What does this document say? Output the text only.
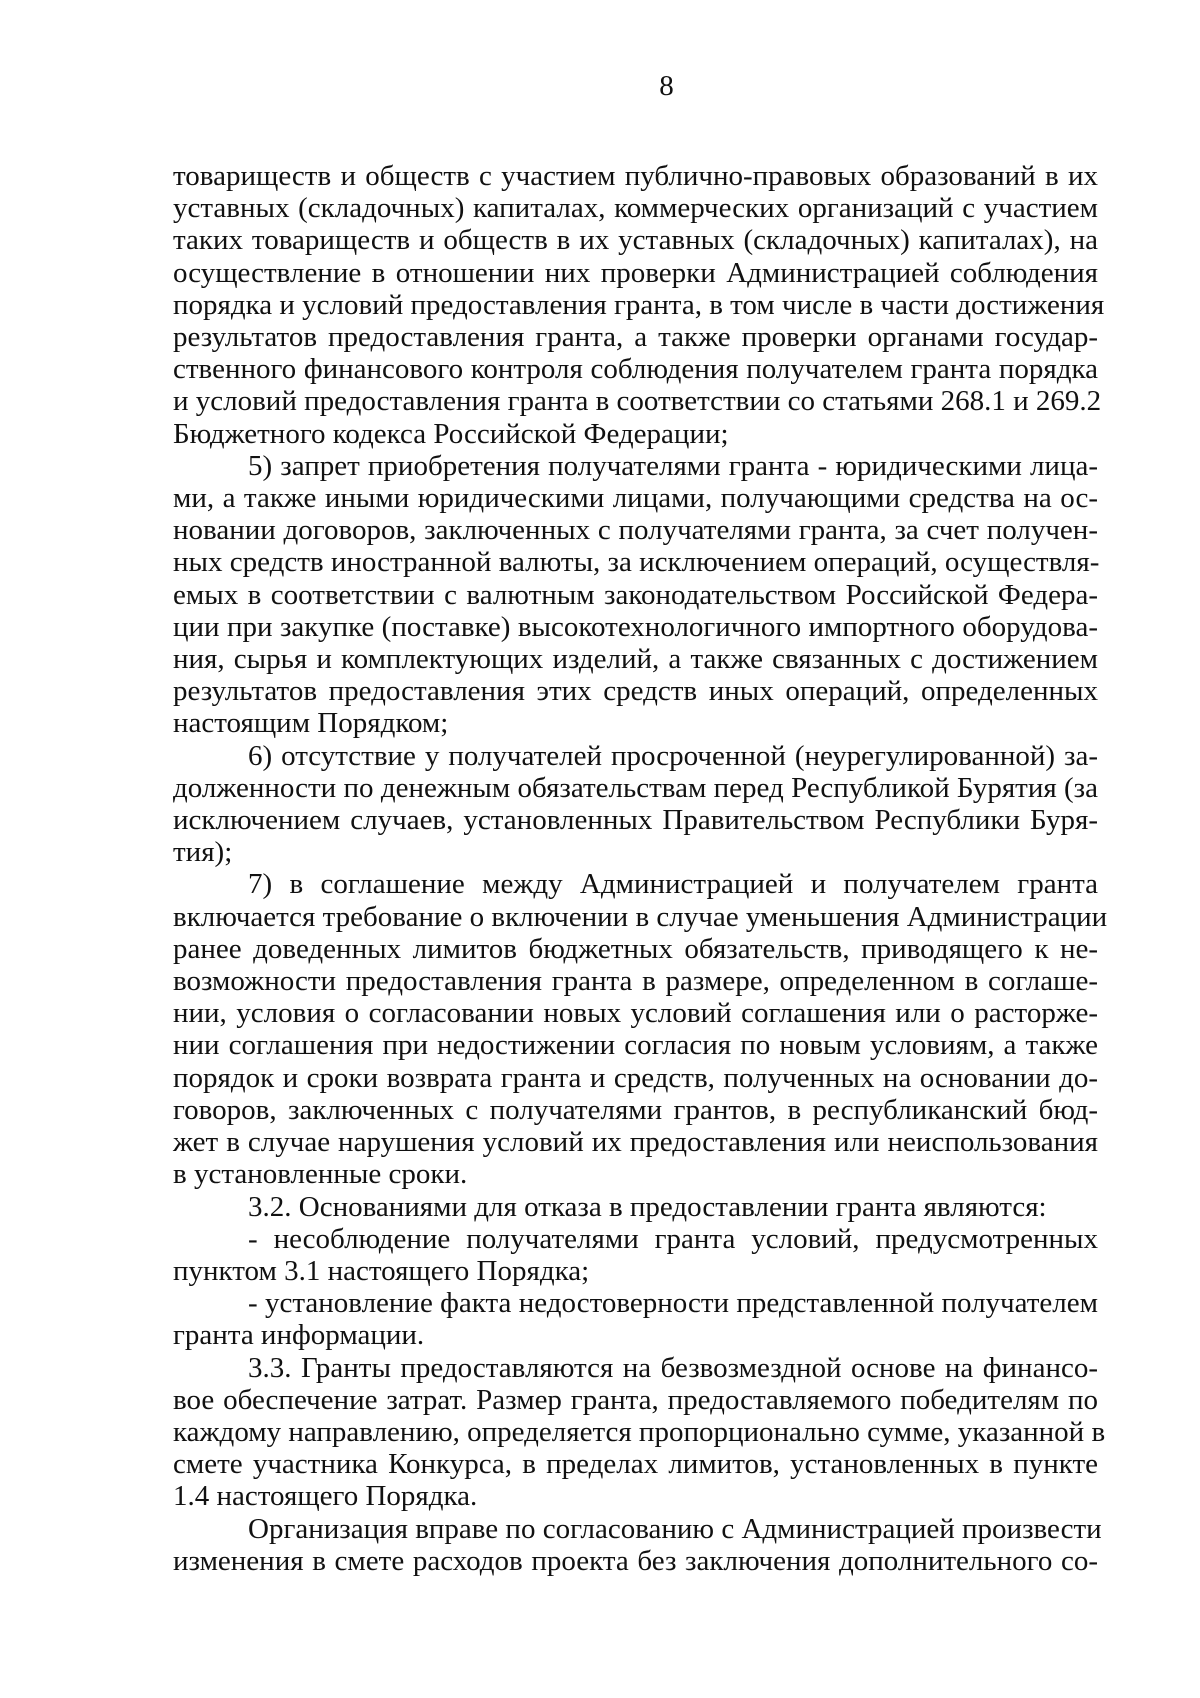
8
товариществ и обществ с участием публично-правовых образований в их
уставных (складочных) капиталах, коммерческих организаций с участием
таких товариществ и обществ в их уставных (складочных) капиталах), на
осуществление в отношении них проверки Администрацией соблюдения
порядка и условий предоставления гранта, в том числе в части достижения
результатов предоставления гранта, а также проверки органами государ-
ственного финансового контроля соблюдения получателем гранта порядка
и условий предоставления гранта в соответствии со статьями 268.1 и 269.2
Бюджетного кодекса Российской Федерации;
5) запрет приобретения получателями гранта - юридическими лица-
ми, а также иными юридическими лицами, получающими средства на ос-
новании договоров, заключенных с получателями гранта, за счет получен-
ных средств иностранной валюты, за исключением операций, осуществля-
емых в соответствии с валютным законодательством Российской Федера-
ции при закупке (поставке) высокотехнологичного импортного оборудова-
ния, сырья и комплектующих изделий, а также связанных с достижением
результатов предоставления этих средств иных операций, определенных
настоящим Порядком;
6) отсутствие у получателей просроченной (неурегулированной) за-
долженности по денежным обязательствам перед Республикой Бурятия (за
исключением случаев, установленных Правительством Республики Буря-
тия);
7) в соглашение между Администрацией и получателем гранта
включается требование о включении в случае уменьшения Администрации
ранее доведенных лимитов бюджетных обязательств, приводящего к не-
возможности предоставления гранта в размере, определенном в соглаше-
нии, условия о согласовании новых условий соглашения или о расторже-
нии соглашения при недостижении согласия по новым условиям, а также
порядок и сроки возврата гранта и средств, полученных на основании до-
говоров, заключенных с получателями грантов, в республиканский бюд-
жет в случае нарушения условий их предоставления или неиспользования
в установленные сроки.
3.2. Основаниями для отказа в предоставлении гранта являются:
- несоблюдение получателями гранта условий, предусмотренных
пунктом 3.1 настоящего Порядка;
- установление факта недостоверности представленной получателем
гранта информации.
3.3. Гранты предоставляются на безвозмездной основе на финансо-
вое обеспечение затрат. Размер гранта, предоставляемого победителям по
каждому направлению, определяется пропорционально сумме, указанной в
смете участника Конкурса, в пределах лимитов, установленных в пункте
1.4 настоящего Порядка.
Организация вправе по согласованию с Администрацией произвести
изменения в смете расходов проекта без заключения дополнительного со-
